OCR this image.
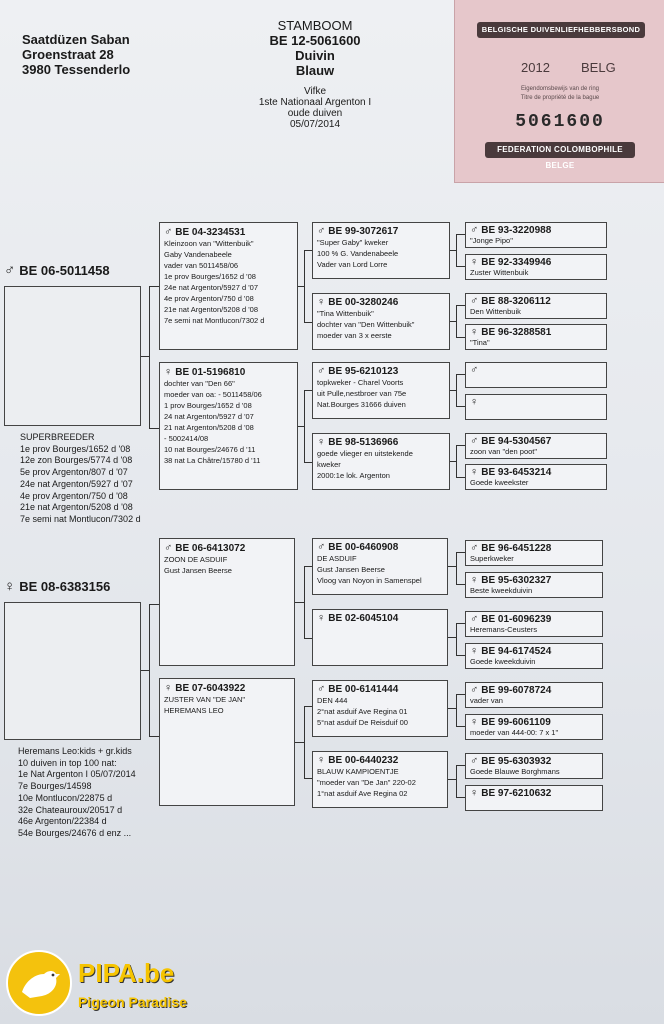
Saatdüzen Saban
Groenstraat 28
3980 Tessenderlo
STAMBOOM
BE 12-5061600
Duivin
Blauw
Vifke
1ste Nationaal Argenton I
oude duiven
05/07/2014
BELGISCHE DUIVENLIEFHEBBERSBOND
2012 BELG
Eigendomsbewijs van de ring
Titre de propriété de la bague
5061600
FEDERATION COLOMBOPHILE BELGE
♂ BE 06-5011458
SUPERBREEDER
1e prov Bourges/1652 d '08
12e zon Bourges/5774 d '08
5e prov Argenton/807 d '07
24e nat Argenton/5927 d '07
4e prov Argenton/750 d '08
21e nat Argenton/5208 d '08
7e semi nat Montlucon/7302 d
♀ BE 08-6383156
Heremans Leo:kids + gr.kids
10 duiven in top 100 nat:
1e Nat Argenton I 05/07/2014
7e Bourges/14598
10e Montlucon/22875 d
32e Chateauroux/20517 d
46e Argenton/22384 d
54e Bourges/24676 d enz ...
♂ BE 04-3234531
Kleinzoon van "Wittenbuik"
Gaby Vandenabeele
vader van 5011458/06
1e prov Bourges/1652 d '08
24e nat Argenton/5927 d '07
4e prov Argenton/750 d '08
21e nat Argenton/5208 d '08
7e semi nat Montlucon/7302 d
♀ BE 01-5196810
dochter van "Den 66"
moeder van oa: - 5011458/06
1 prov Bourges/1652 d '08
24 nat Argenton/5927 d '07
21 nat Argenton/5208 d '08
- 5002414/08
10 nat Bourges/24676 d '11
38 nat La Châtre/15780 d '11
♂ BE 06-6413072
ZOON DE ASDUIF
Gust Jansen Beerse
♀ BE 07-6043922
ZUSTER VAN "DE JAN"
HEREMANS LEO
♂ BE 99-3072617
"Super Gaby" kweker
100 % G. Vandenabeele
Vader van Lord Lorre
♀ BE 00-3280246
"Tina Wittenbuik"
dochter van "Den Wittenbuik"
moeder van 3 x eerste
♂ BE 95-6210123
topkweker - Charel Voorts
uit Pulle,nestbroer van 75e
Nat.Bourges 31666 duiven
♀ BE 98-5136966
goede vlieger en uitstekende
kweker
2000:1e lok. Argenton
♂ BE 00-6460908
DE ASDUIF
Gust Jansen Beerse
Vloog van Noyon in Samenspel
♀ BE 02-6045104
♂ BE 00-6141444
DEN 444
2°nat asduif Ave Regina 01
5°nat asduif De Reisduif 00
♀ BE 00-6440232
BLAUW KAMPIOENTJE
"moeder van "De Jan" 220-02
1°nat asduif Ave Regina 02
♂ BE 93-3220988
"Jonge Pipo"
♀ BE 92-3349946
Zuster Wittenbuik
♂ BE 88-3206112
Den Wittenbuik
♀ BE 96-3288581
"Tina"
♂
♀
♂ BE 94-5304567
zoon van "den poot"
♀ BE 93-6453214
Goede kweekster
♂ BE 96-6451228
Superkweker
♀ BE 95-6302327
Beste kweekduivin
♂ BE 01-6096239
Heremans-Ceusters
♀ BE 94-6174524
Goede kweekduivin
♂ BE 99-6078724
vader van
♀ BE 99-6061109
moeder van 444-00: 7 x 1"
♂ BE 95-6303932
Goede Blauwe Borghmans
♀ BE 97-6210632
PIPA.be
Pigeon Paradise
